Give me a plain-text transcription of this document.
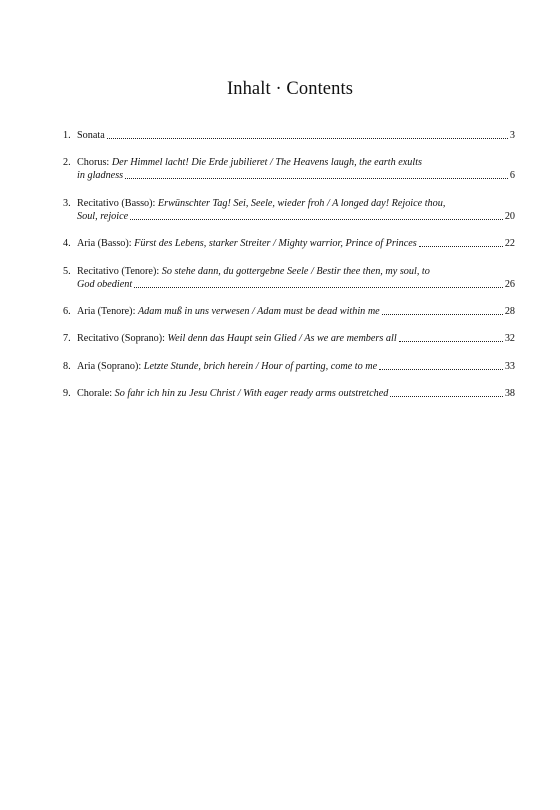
Inhalt · Contents
1. Sonata	3
2. Chorus: Der Himmel lacht! Die Erde jubilieret / The Heavens laugh, the earth exults
in gladness	6
3. Recitativo (Basso): Erwünschter Tag! Sei, Seele, wieder froh / A longed day! Rejoice thou,
Soul, rejoice	20
4. Aria (Basso): Fürst des Lebens, starker Streiter / Mighty warrior, Prince of Princes	22
5. Recitativo (Tenore): So stehe dann, du gottergebne Seele / Bestir thee then, my soul, to
God obedient	26
6. Aria (Tenore): Adam muß in uns verwesen / Adam must be dead within me	28
7. Recitativo (Soprano): Weil denn das Haupt sein Glied / As we are members all	32
8. Aria (Soprano): Letzte Stunde, brich herein / Hour of parting, come to me	33
9. Chorale: So fahr ich hin zu Jesu Christ / With eager ready arms outstretched	38
